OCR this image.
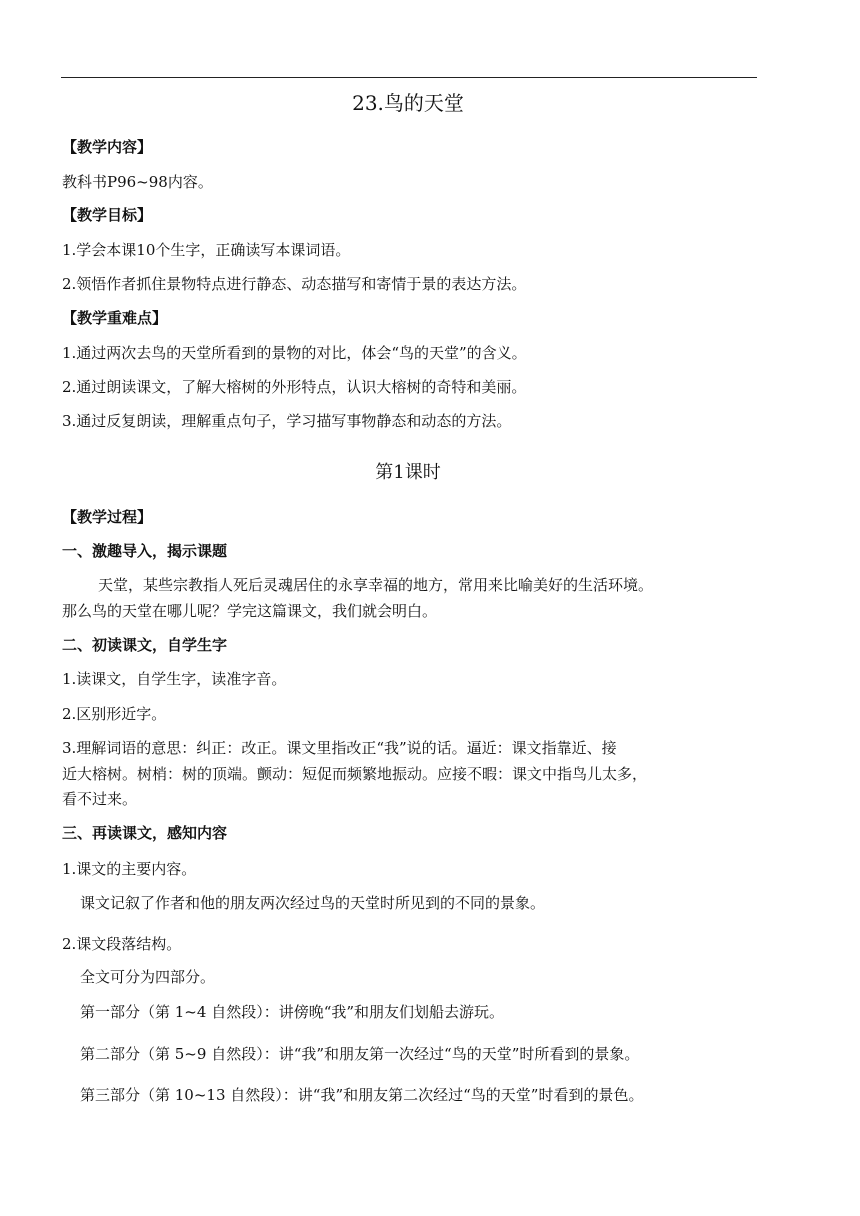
23.鸟的天堂
【教学内容】
教科书P96~98内容。
【教学目标】
1.学会本课10个生字，正确读写本课词语。
2.领悟作者抓住景物特点进行静态、动态描写和寄情于景的表达方法。
【教学重难点】
1.通过两次去鸟的天堂所看到的景物的对比，体会“鸟的天堂”的含义。
2.通过朗读课文，了解大榕树的外形特点，认识大榕树的奇特和美丽。
3.通过反复朗读，理解重点句子，学习描写事物静态和动态的方法。
第1课时
【教学过程】
一、激趣导入，揭示课题
天堂，某些宗教指人死后灵魂居住的永享幸福的地方，常用来比喻美好的生活环境。
那么鸟的天堂在哪儿呢？学完这篇课文，我们就会明白。
二、初读课文，自学生字
1.读课文，自学生字，读准字音。
2.区别形近字。
3.理解词语的意思：纠正：改正。课文里指改正“我”说的话。逼近：课文指靠近、接
近大榕树。树梢：树的顶端。颤动：短促而频繁地振动。应接不暇：课文中指鸟儿太多，
看不过来。
三、再读课文，感知内容
1.课文的主要内容。
课文记叙了作者和他的朋友两次经过鸟的天堂时所见到的不同的景象。
2.课文段落结构。
全文可分为四部分。
第一部分（第 1~4 自然段）：讲傍晚“我”和朋友们划船去游玩。
第二部分（第 5~9 自然段）：讲“我”和朋友第一次经过“鸟的天堂”时所看到的景象。
第三部分（第 10~13 自然段）：讲“我”和朋友第二次经过“鸟的天堂”时看到的景色。
